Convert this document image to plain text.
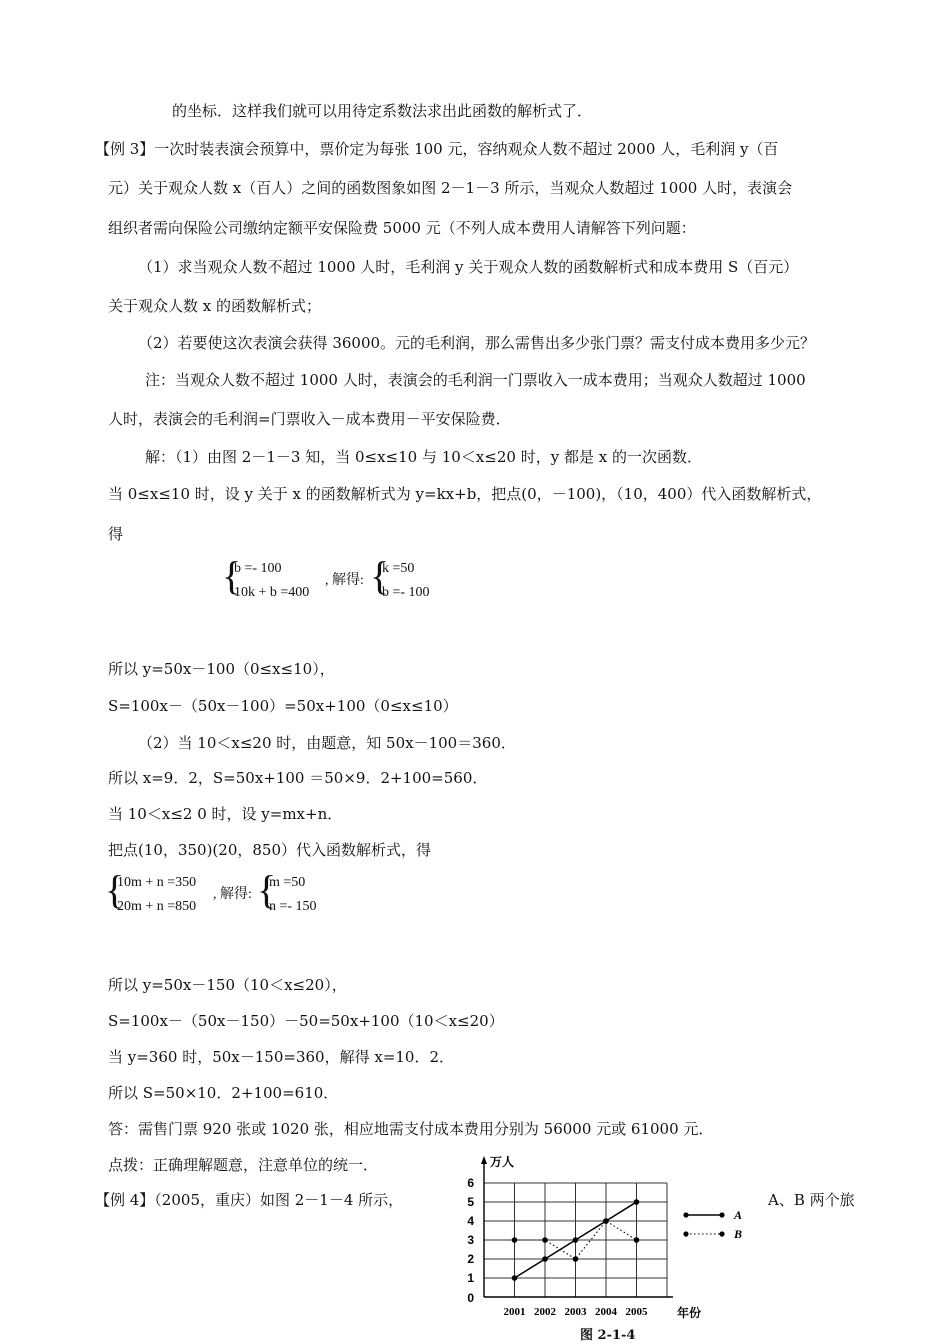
的坐标．这样我们就可以用待定系数法求出此函数的解析式了．
【例 3】一次时装表演会预算中，票价定为每张 100 元，容纳观众人数不超过 2000 人，毛利润 y（百
元）关于观众人数 x（百人）之间的函数图象如图 2－1－3 所示，当观众人数超过 1000 人时，表演会
组织者需向保险公司缴纳定额平安保险费 5000 元（不列人成本费用人请解答下列问题：
（1）求当观众人数不超过 1000 人时，毛利润 y 关于观众人数的函数解析式和成本费用 S（百元）
关于观众人数 x 的函数解析式；
（2）若要使这次表演会获得 36000。元的毛利润，那么需售出多少张门票？需支付成本费用多少元？
注：当观众人数不超过 1000 人时，表演会的毛利润一门票收入一成本费用；当观众人数超过 1000
人时，表演会的毛利润=门票收入－成本费用－平安保险费．
解：（1）由图 2－1－3 知，当 0≤x≤10 与 10＜x≤20 时，y 都是 x 的一次函数．
当 0≤x≤10 时，设 y 关于 x 的函数解析式为 y=kx+b，把点(0，－100)，（10，400）代入函数解析式，
得
{
b =- 100
10k + b =400
, 解得: {
k =50
b =- 100
所以 y=50x－100（0≤x≤10），
S=100x－（50x－100）=50x+100（0≤x≤10）
（2）当 10＜x≤20 时，由题意，知 50x－100＝360．
所以 x=9．2，S=50x+100 ＝50×9．2+100=560．
当 10＜x≤2 0 时，设 y=mx+n．
把点(10，350)(20，850）代入函数解析式，得
{
10m + n =350
20m + n =850
, 解得: {
m =50
n =- 150
所以 y=50x－150（10＜x≤20），
S=100x－（50x－150）－50=50x+100（10＜x≤20）
当 y=360 时，50x－150=360，解得 x=10．2．
所以 S=50×10．2+100=610．
答：需售门票 920 张或 1020 张，相应地需支付成本费用分别为 56000 元或 61000 元．
点拨：正确理解题意，注意单位的统一．
【例 4】（2005，重庆）如图 2－1－4 所示，	A、B 两个旅
1
2
3
4
5
6
0
2001 2002 2003 2004 2005
万人
年份
A
B
图 2-1-4
